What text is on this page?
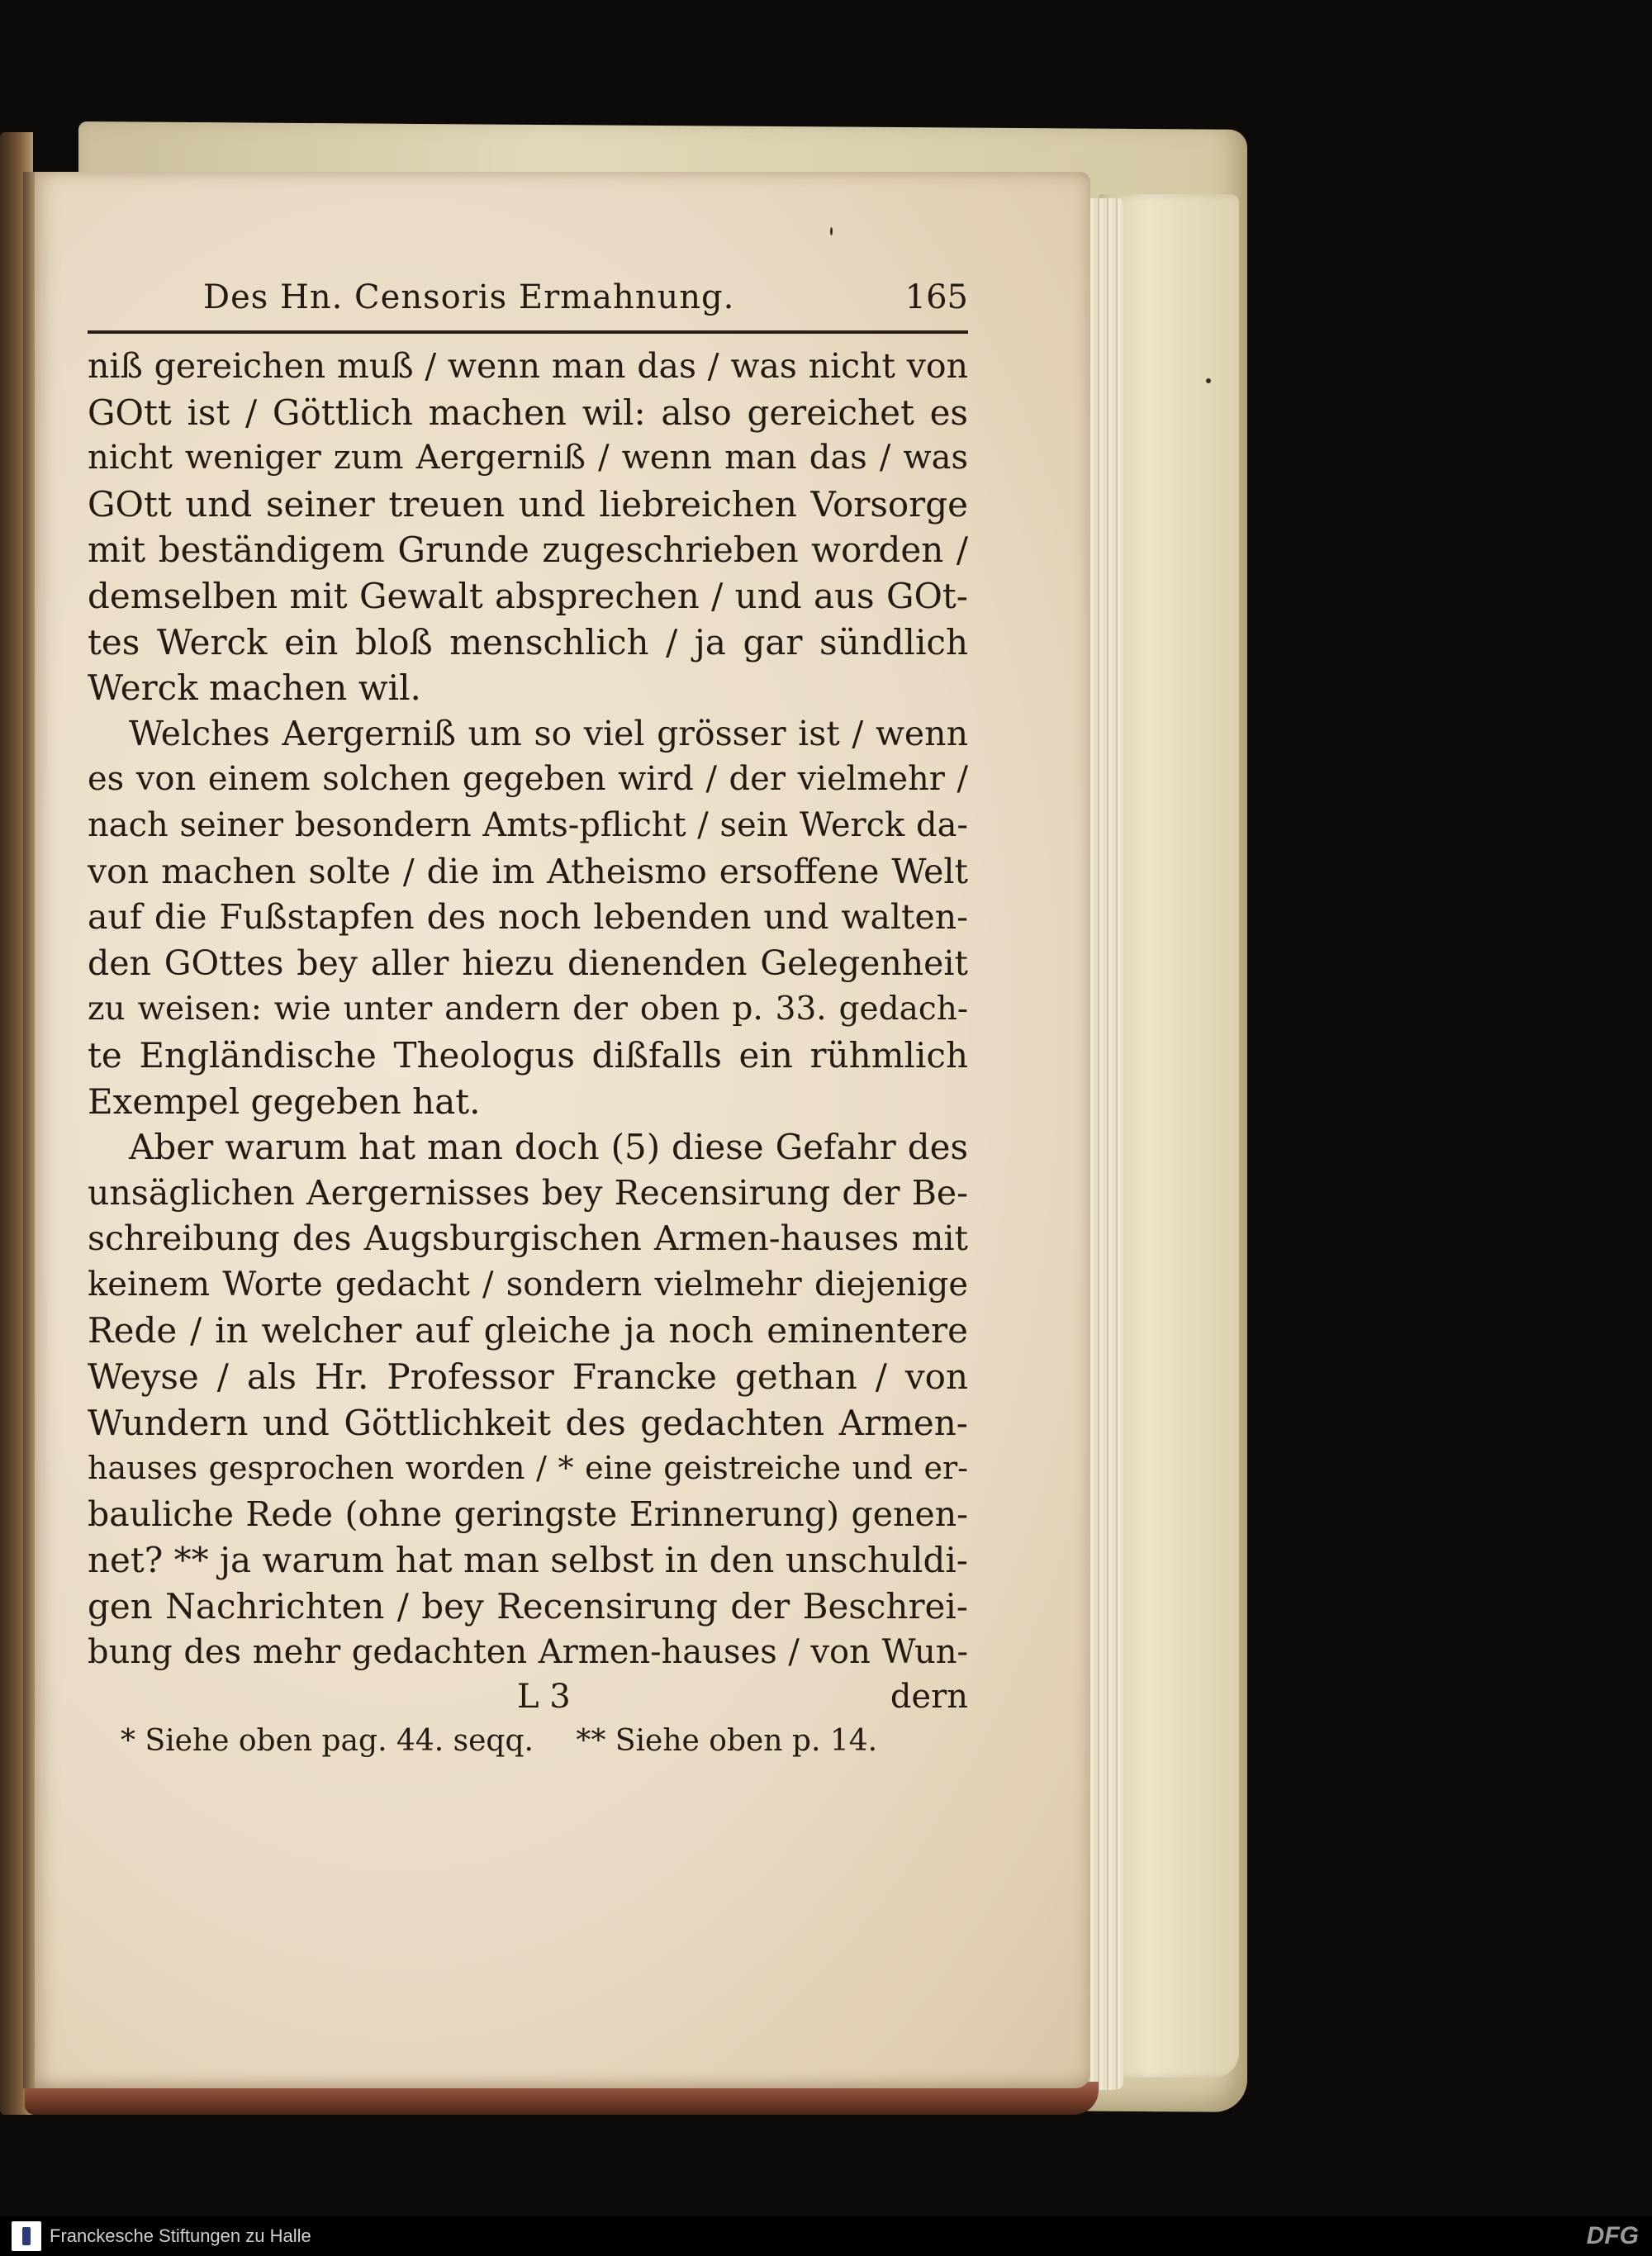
Des Hn. Censoris Ermahnung.	165
niß gereichen muß / wenn man das / was nicht von
GOtt ist / Göttlich machen wil: also gereichet es
nicht weniger zum Aergerniß / wenn man das / was
GOtt und seiner treuen und liebreichen Vorsorge
mit beständigem Grunde zugeschrieben worden /
demselben mit Gewalt absprechen / und aus GOt-
tes Werck ein bloß menschlich / ja gar sündlich
Werck machen wil.
Welches Aergerniß um so viel grösser ist / wenn
es von einem solchen gegeben wird / der vielmehr /
nach seiner besondern Amts-pflicht / sein Werck da-
von machen solte / die im Atheismo ersoffene Welt
auf die Fußstapfen des noch lebenden und walten-
den GOttes bey aller hiezu dienenden Gelegenheit
zu weisen: wie unter andern der oben p. 33. gedach-
te Engländische Theologus dißfalls ein rühmlich
Exempel gegeben hat.
Aber warum hat man doch (5) diese Gefahr des
unsäglichen Aergernisses bey Recensirung der Be-
schreibung des Augsburgischen Armen-hauses mit
keinem Worte gedacht / sondern vielmehr diejenige
Rede / in welcher auf gleiche ja noch eminentere
Weyse / als Hr. Professor Francke gethan / von
Wundern und Göttlichkeit des gedachten Armen-
hauses gesprochen worden / * eine geistreiche und er-
bauliche Rede (ohne geringste Erinnerung) genen-
net? ** ja warum hat man selbst in den unschuldi-
gen Nachrichten / bey Recensirung der Beschrei-
bung des mehr gedachten Armen-hauses / von Wun-
L 3	dern
* Siehe oben pag. 44. seqq. ** Siehe oben p. 14.
Franckesche Stiftungen zu Halle	DFG
